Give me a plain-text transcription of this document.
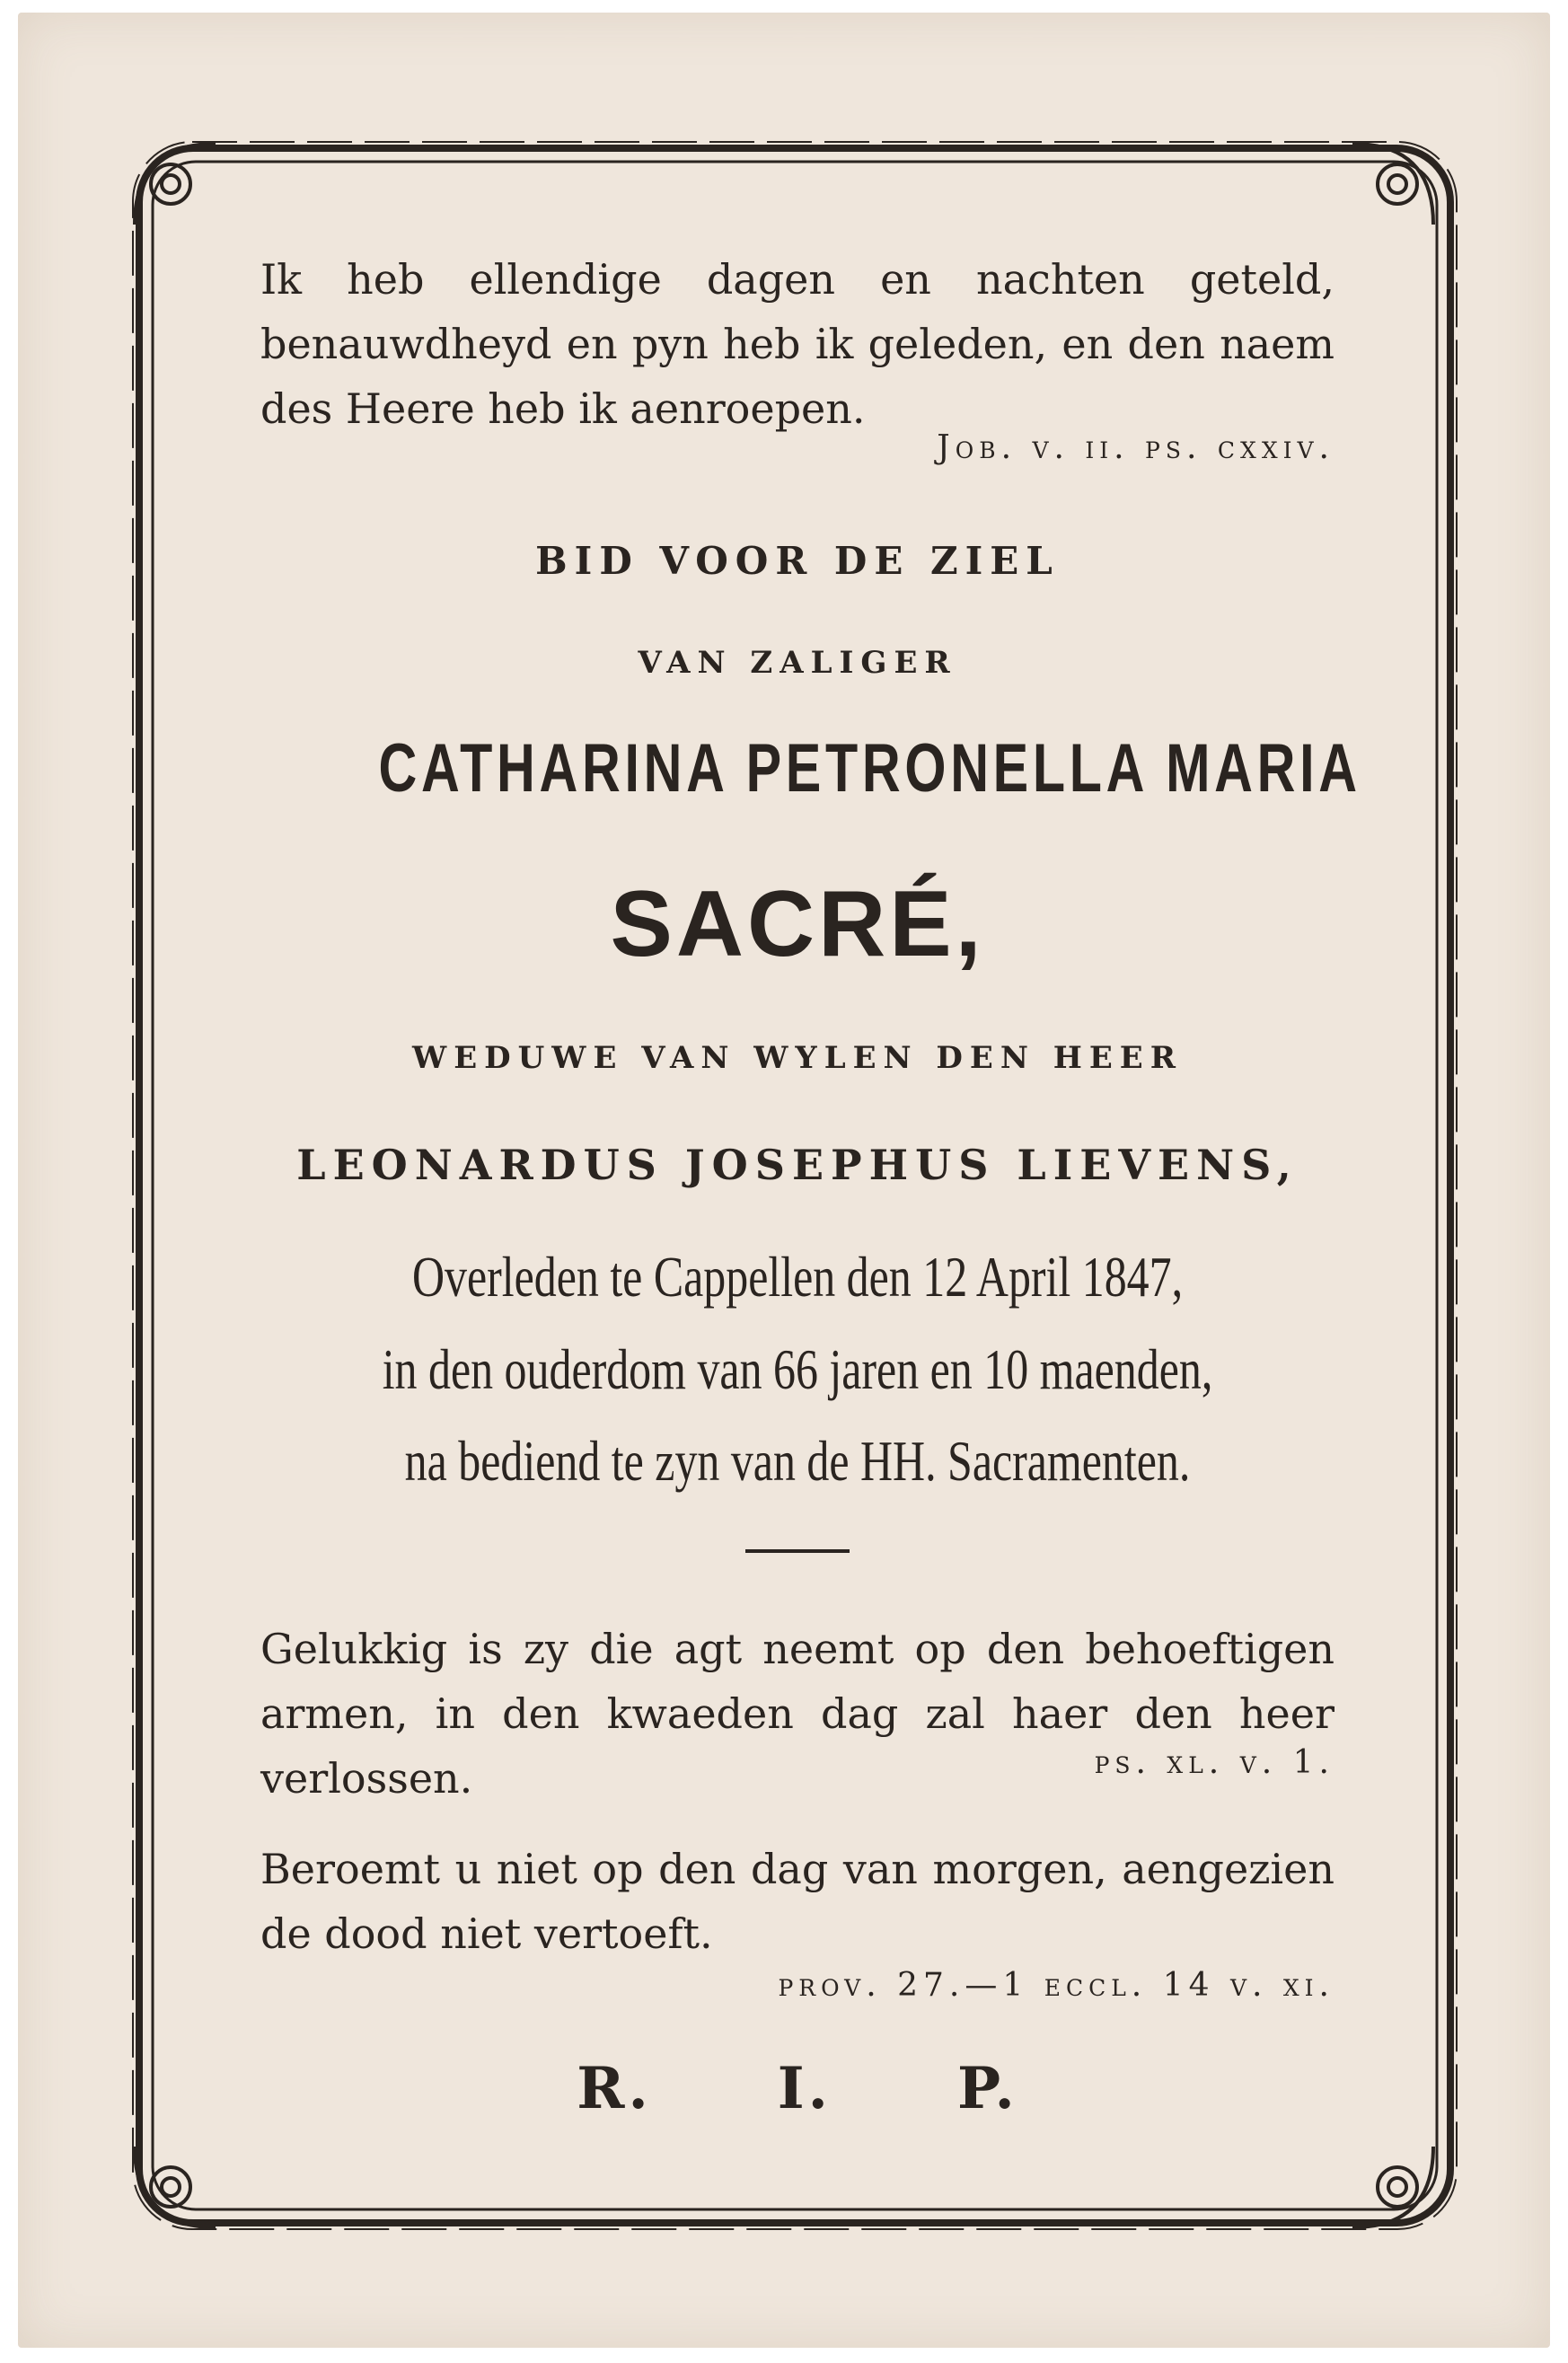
Ik heb ellendige dagen en nachten geteld, benauwdheyd en pyn heb ik geleden, en den naem des Heere heb ik aenroepen.
Job. v. ii. ps. cxxiv.
BID VOOR DE ZIEL
VAN ZALIGER
CATHARINA PETRONELLA MARIA
SACRÉ,
WEDUWE VAN WYLEN DEN HEER
LEONARDUS JOSEPHUS LIEVENS,
Overleden te Cappellen den 12 April 1847,
in den ouderdom van 66 jaren en 10 maenden,
na bediend te zyn van de HH. Sacramenten.
Gelukkig is zy die agt neemt op den behoeftigen armen, in den kwaeden dag zal haer den heer verlossen.	ps. xl. v. 1.
Beroemt u niet op den dag van morgen, aengezien de dood niet vertoeft.
prov. 27.—1 eccl. 14 v. xi.
R. I. P.
